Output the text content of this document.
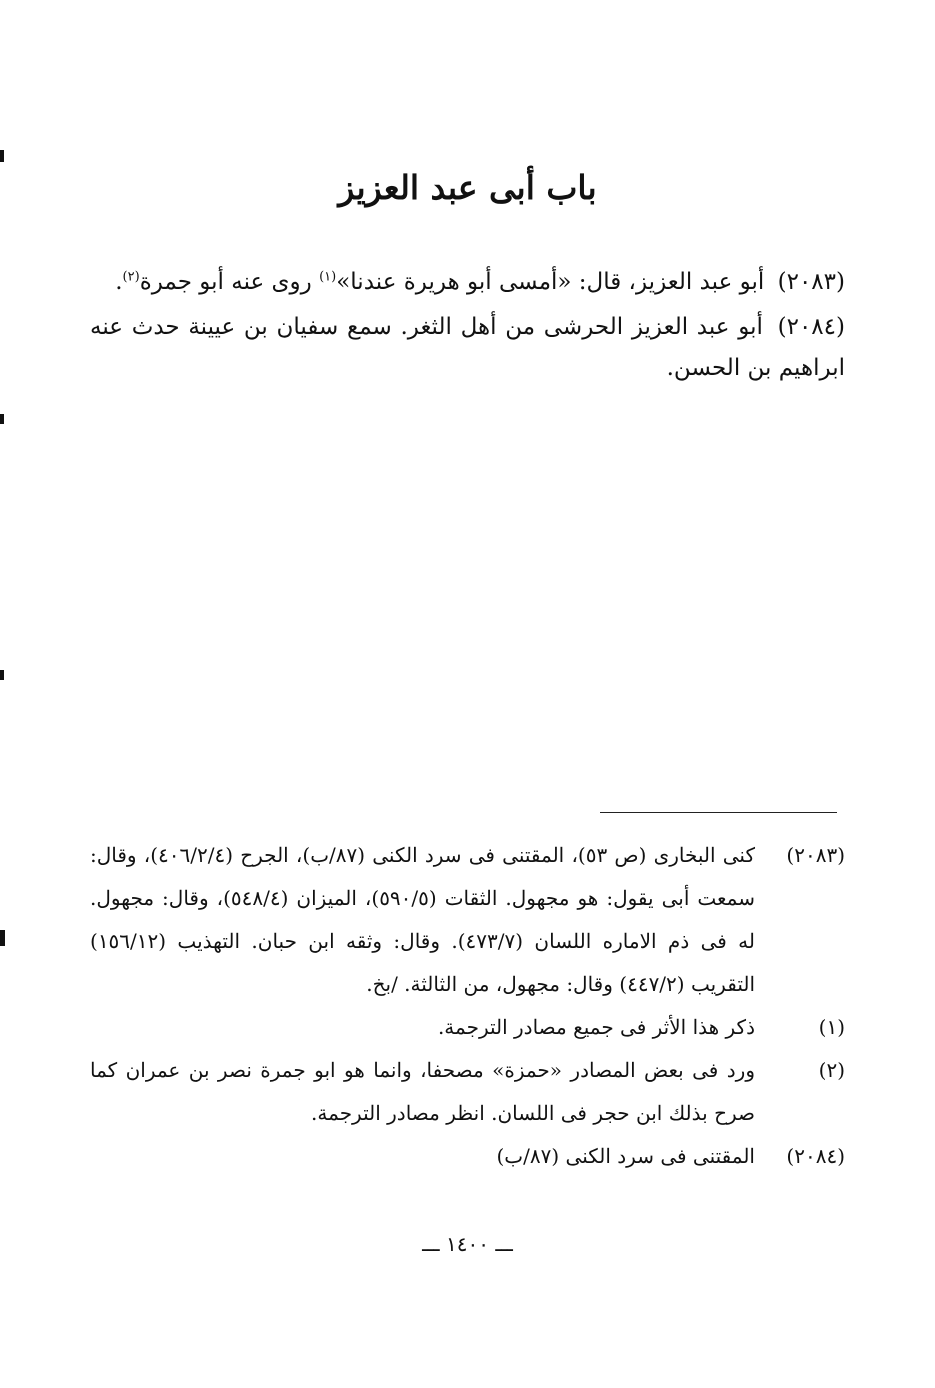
باب أبى عبد العزيز

(٢٠٨٣) أبو عبد العزيز، قال: «أمسى أبو هريرة عندنا»$^{(١)}$ روى عنه أبو جمرة$^{(٢)}$.

(٢٠٨٤) أبو عبد العزيز الحرشى من أهل الثغر. سمع سفيان بن عيينة حدث عنه ابراهيم بن الحسن.

(٢٠٨٣)
كنى البخارى (ص ٥٣)، المقتنى فى سرد الكنى (٨٧/ب)، الجرح (٤٠٦/٢/٤)، وقال: سمعت أبى يقول: هو مجهول. الثقات (٥٩٠/٥)، الميزان (٥٤٨/٤)، وقال: مجهول. له فى ذم الاماره اللسان (٤٧٣/٧). وقال: وثقه ابن حبان. التهذيب (١٥٦/١٢) التقريب (٤٤٧/٢) وقال: مجهول، من الثالثة. /بخ.
(١)
ذكر هذا الأثر فى جميع مصادر الترجمة.
(٢)
ورد فى بعض المصادر «حمزة» مصحفا، وانما هو ابو جمرة نصر بن عمران كما صرح بذلك ابن حجر فى اللسان. انظر مصادر الترجمة.
(٢٠٨٤)
المقتنى فى سرد الكنى (٨٧/ب)
ـــ ١٤٠٠ ـــ
